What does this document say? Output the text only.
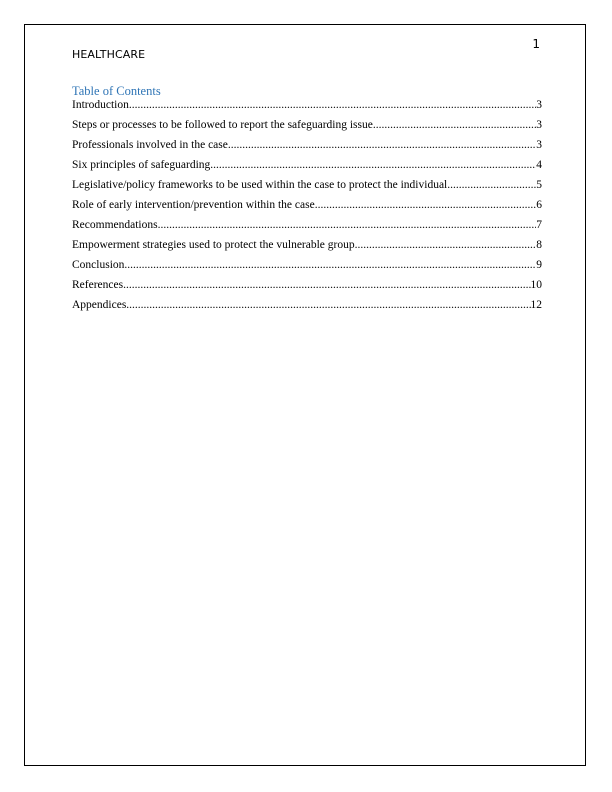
1
HEALTHCARE
Table of Contents
Introduction .....	3
Steps or processes to be followed to report the safeguarding issue .....	3
Professionals involved in the case .....	3
Six principles of safeguarding .....	4
Legislative/policy frameworks to be used within the case to protect the individual .....	5
Role of early intervention/prevention within the case .....	6
Recommendations .....	7
Empowerment strategies used to protect the vulnerable group .....	8
Conclusion .....	9
References .....	10
Appendices .....	12
